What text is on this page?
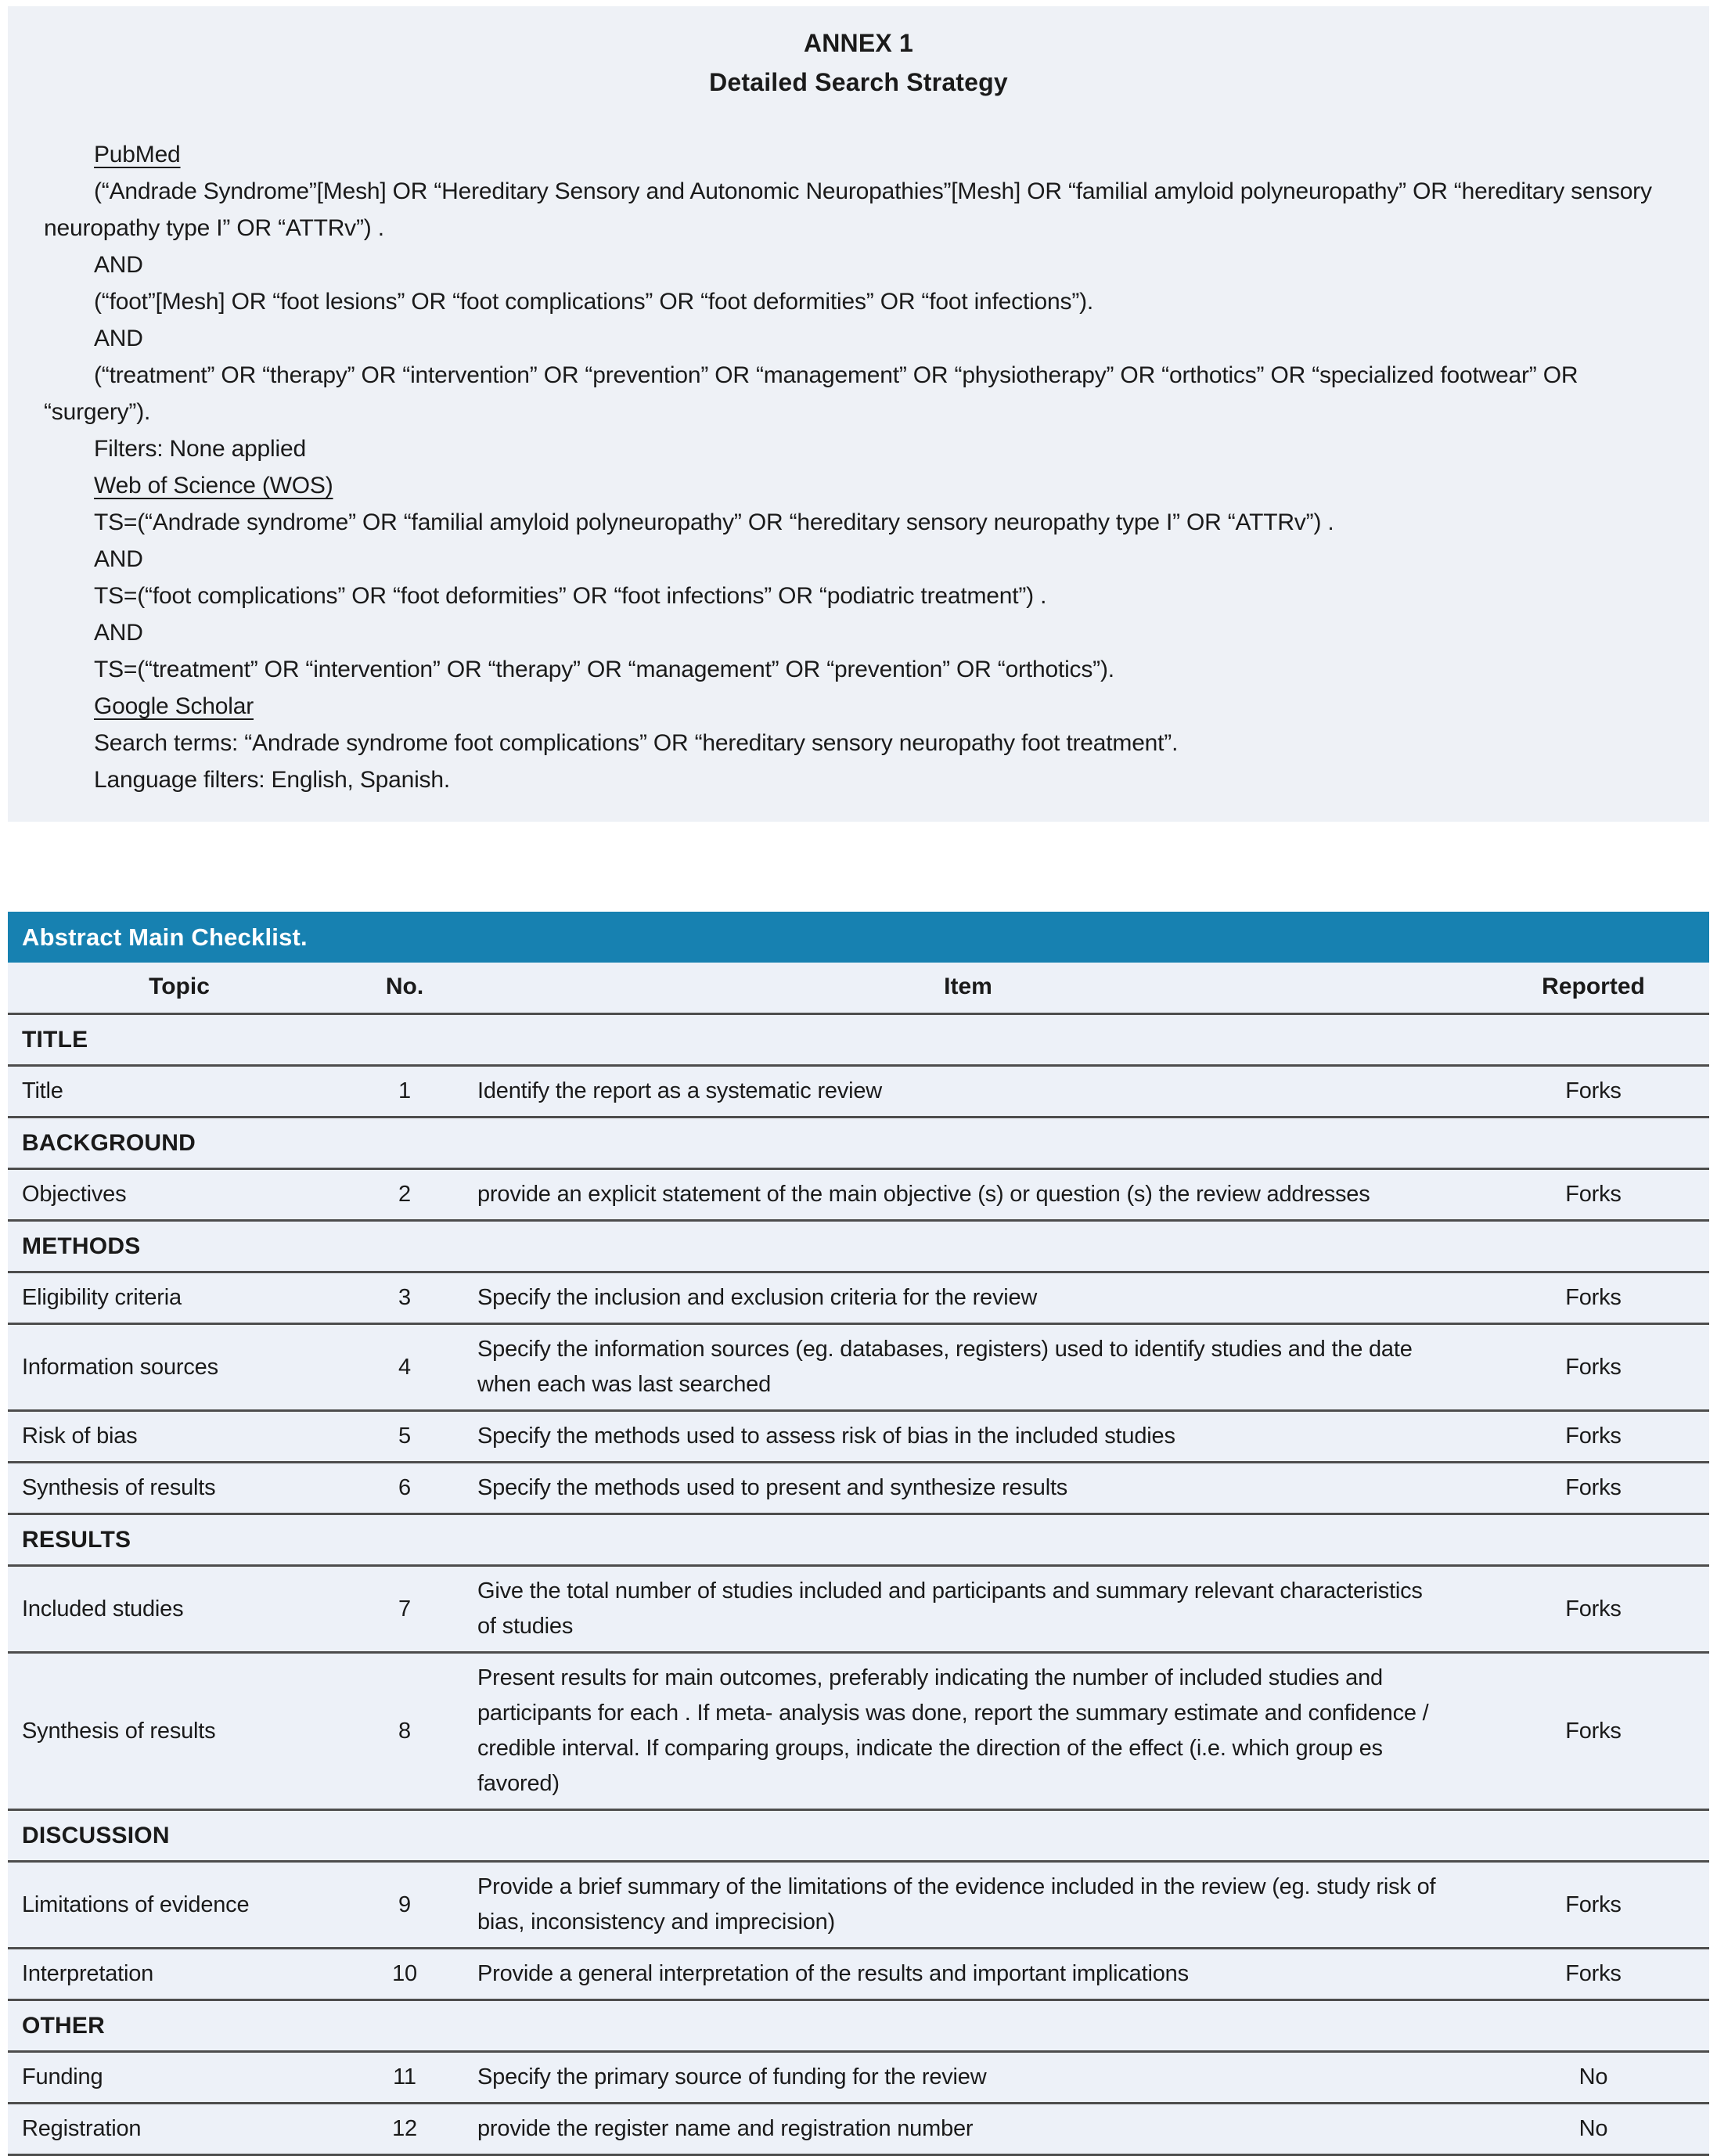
ANNEX 1
Detailed Search Strategy

PubMed

(“Andrade Syndrome”[Mesh] OR “Hereditary Sensory and Autonomic Neuropathies”[Mesh] OR “familial amyloid polyneuropathy” OR “hereditary sensory neuropathy type I” OR “ATTRv”) .

AND

(“foot”[Mesh] OR “foot lesions” OR “foot complications” OR “foot deformities” OR “foot infections”).

AND

(“treatment” OR “therapy” OR “intervention” OR “prevention” OR “management” OR “physiotherapy” OR “orthotics” OR “specialized footwear” OR “surgery”).

Filters: None applied

Web of Science (WOS)

TS=(“Andrade syndrome” OR “familial amyloid polyneuropathy” OR “hereditary sensory neuropathy type I” OR “ATTRv”) .

AND

TS=(“foot complications” OR “foot deformities” OR “foot infections” OR “podiatric treatment”) .

AND

TS=(“treatment” OR “intervention” OR “therapy” OR “management” OR “prevention” OR “orthotics”).

Google Scholar

Search terms: “Andrade syndrome foot complications” OR “hereditary sensory neuropathy foot treatment”.

Language filters: English, Spanish.

Abstract Main Checklist.
Topic	No.	Item	Reported
TITLE			
Title	1	Identify the report as a systematic review	Forks
BACKGROUND			
Objectives	2	provide an explicit statement of the main objective (s) or question (s) the review addresses	Forks
METHODS			
Eligibility criteria	3	Specify the inclusion and exclusion criteria for the review	Forks
Information sources	4	Specify the information sources (eg. databases, registers) used to identify studies and the date when each was last searched	Forks
Risk of bias	5	Specify the methods used to assess risk of bias in the included studies	Forks
Synthesis of results	6	Specify the methods used to present and synthesize results	Forks
RESULTS			
Included studies	7	Give the total number of studies included and participants and summary relevant characteristics of studies	Forks
Synthesis of results	8	Present results for main outcomes, preferably indicating the number of included studies and participants for each . If meta- analysis was done, report the summary estimate and confidence / credible interval. If comparing groups, indicate the direction of the effect (i.e. which group es favored)	Forks
DISCUSSION			
Limitations of evidence	9	Provide a brief summary of the limitations of the evidence included in the review (eg. study risk of bias, inconsistency and imprecision)	Forks
Interpretation	10	Provide a general interpretation of the results and important implications	Forks
OTHER			
Funding	11	Specify the primary source of funding for the review	No
Registration	12	provide the register name and registration number	No
